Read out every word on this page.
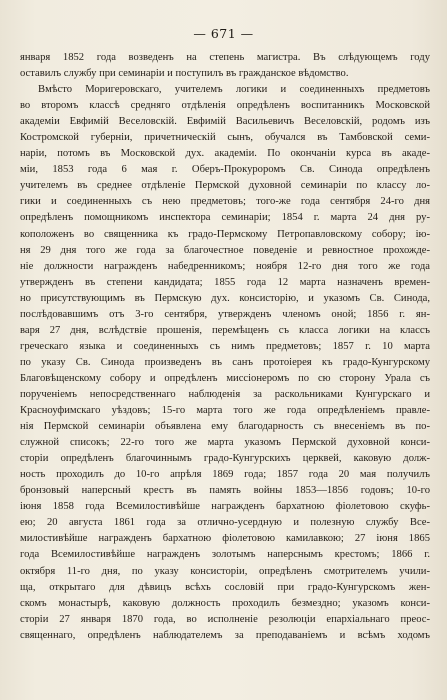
— 671 —
января 1852 года возведенъ на степень магистра. Въ слѣдующемъ году
оставилъ службу при семинарiи и поступилъ въ гражданское вѣдомство.
Вмѣсто Моригеровскаго, учителемъ логики и соединенныхъ предметовъ
во второмъ классѣ средняго отдѣленiя опредѣленъ воспитанникъ Московской
академiи Евфимiй Веселовскiй. Евфимiй Васильевичъ Веселовскiй, родомъ изъ
Костромской губернiи, причетническiй сынъ, обучался въ Тамбовской семи-
нарiи, потомъ въ Московской дух. академiи. По окончанiи курса въ акаде-
мiи, 1853 года 6 мая г. Оберъ-Прокуроромъ Св. Синода опредѣленъ
учителемъ въ среднее отдѣленiе Пермской духовной семинарiи по классу ло-
гики и соединенныхъ съ нею предметовъ; того-же года сентября 24-го дня
опредѣленъ помощникомъ инспектора семинарiи; 1854 г. марта 24 дня ру-
коположенъ во священника къ градо-Пермскому Петропавловскому собору; iю-
ня 29 дня того же года за благочестное поведенiе и ревностное прохожде-
нiе должности награжденъ набедренникомъ; ноября 12-го дня того же года
утвержденъ въ степени кандидата; 1855 года 12 марта назначенъ времен-
но присутствующимъ въ Пермскую дух. консисторiю, и указомъ Св. Синода,
послѣдовавшимъ отъ 3-го сентября, утвержденъ членомъ оной; 1856 г. ян-
варя 27 дня, вслѣдствiе прошенiя, перемѣщенъ съ класса логики на классъ
греческаго языка и соединенныхъ съ нимъ предметовъ; 1857 г. 10 марта
по указу Св. Синода произведенъ въ санъ протоiерея къ градо-Кунгурскому
Благовѣщенскому собору и опредѣленъ миссiонеромъ по сю сторону Урала съ
порученiемъ непосредственнаго наблюденiя за раскольниками Кунгурскаго и
Красноуфимскаго уѣздовъ; 15-го марта того же года опредѣленiемъ правле-
нiя Пермской семинарiи объявлена ему благодарность съ внесенiемъ въ по-
служной списокъ; 22-го того же марта указомъ Пермской духовной конси-
сторiи опредѣленъ благочиннымъ градо-Кунгурскихъ церквей, каковую долж-
ность проходилъ до 10-го апрѣля 1869 года; 1857 года 20 мая получилъ
бронзовый наперсный крестъ въ память войны 1853—1856 годовъ; 10-го
iюня 1858 года Всемилостивѣйше награжденъ бархатною фiолетовою скуфь-
ею; 20 августа 1861 года за отлично-усердную и полезную службу Все-
милостивѣйше награжденъ бархатною фiолетовою камилавкою; 27 iюня 1865
года Всемилостивѣйше награжденъ золотымъ наперснымъ крестомъ; 1866 г.
октября 11-го дня, по указу консисторiи, опредѣленъ смотрителемъ учили-
ща, открытаго для дѣвицъ всѣхъ сословiй при градо-Кунгурскомъ жен-
скомъ монастырѣ, каковую должность проходилъ безмездно; указомъ конси-
сторiи 27 января 1870 года, во исполненiе резолюцiи епархiальнаго преос-
священнаго, опредѣленъ наблюдателемъ за преподаванiемъ и всѣмъ ходомъ
